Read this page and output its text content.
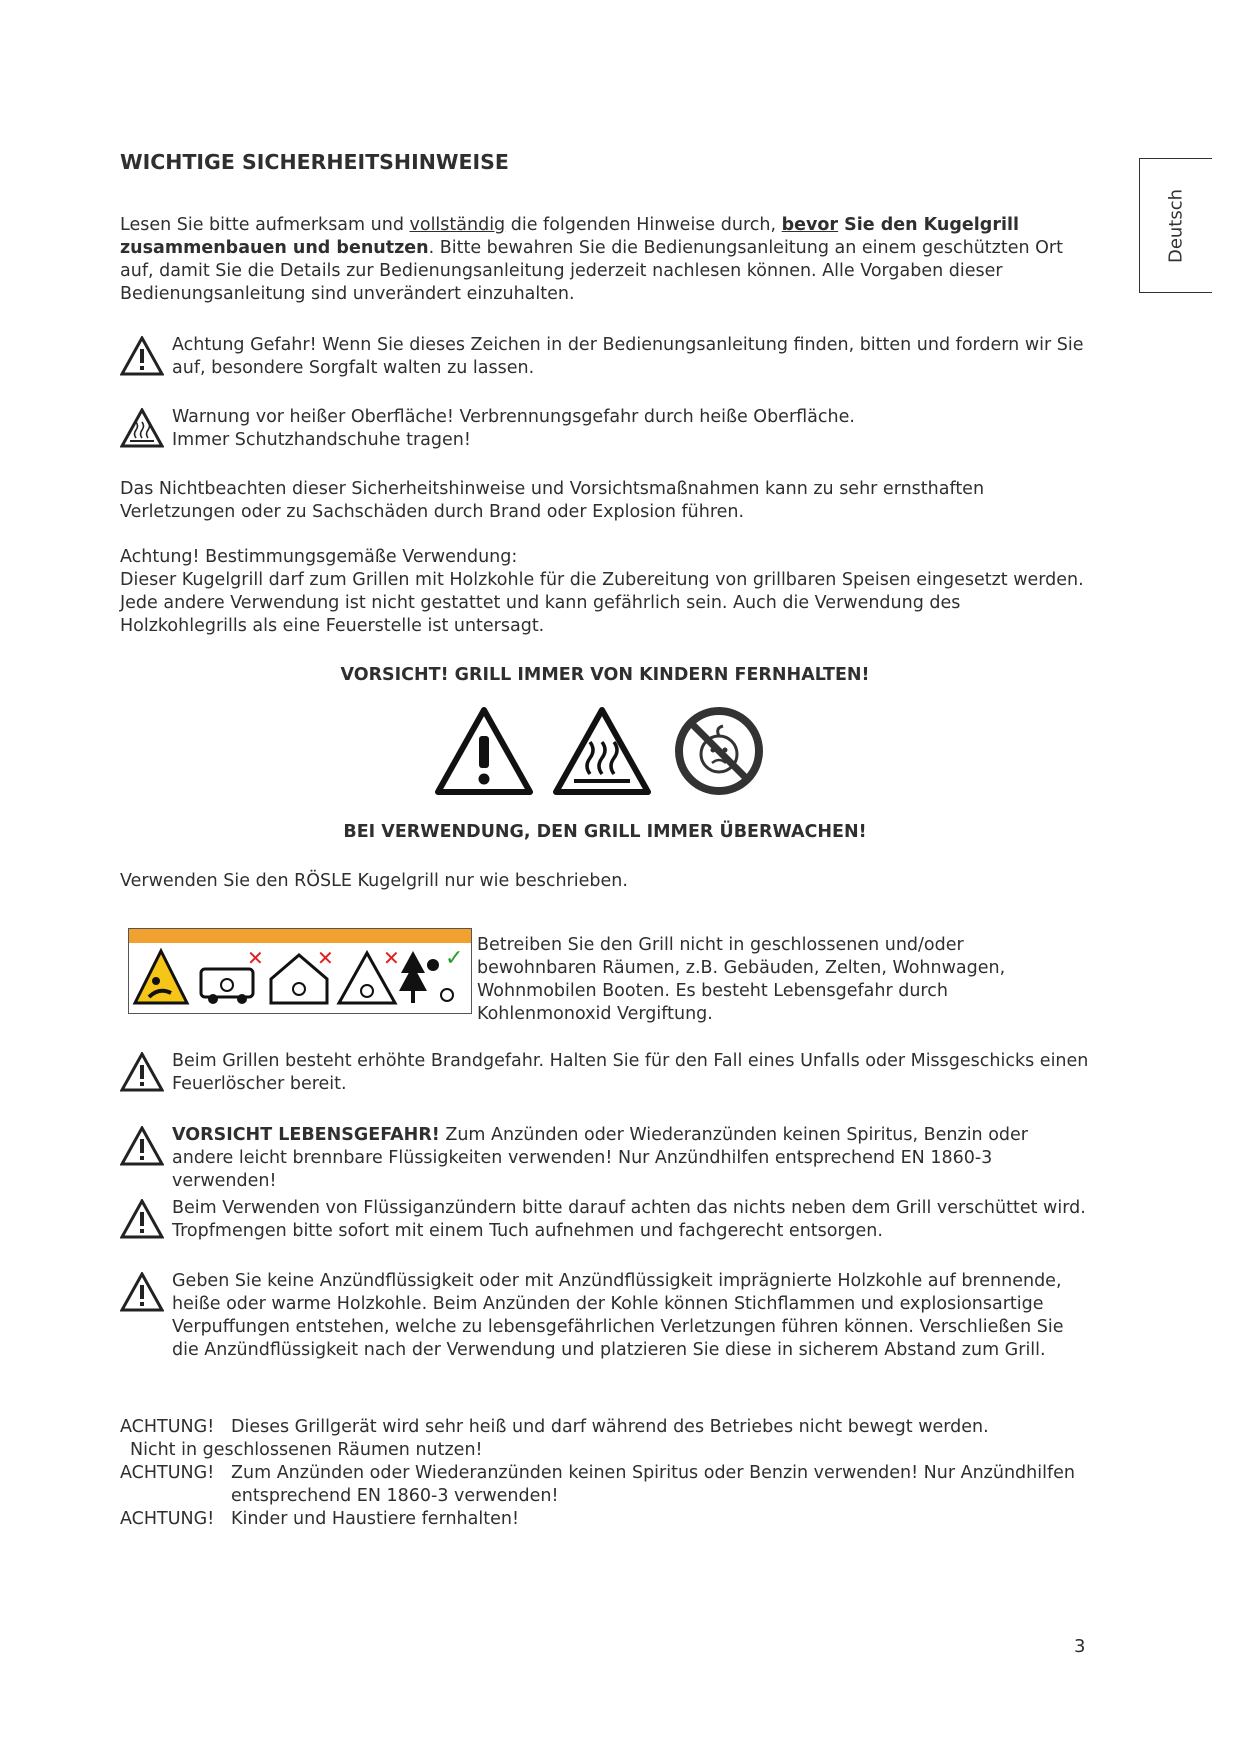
Deutsch
WICHTIGE SICHERHEITSHINWEISE
Lesen Sie bitte aufmerksam und vollständig die folgenden Hinweise durch, bevor Sie den Kugelgrill zusammenbauen und benutzen. Bitte bewahren Sie die Bedienungsanleitung an einem geschützten Ort auf, damit Sie die Details zur Bedienungsanleitung jederzeit nachlesen können. Alle Vorgaben dieser Bedienungsanleitung sind unverändert einzuhalten.
Achtung Gefahr! Wenn Sie dieses Zeichen in der Bedienungsanleitung finden, bitten und fordern wir Sie auf, besondere Sorgfalt walten zu lassen.
Warnung vor heißer Oberfläche! Verbrennungsgefahr durch heiße Oberfläche.
Immer Schutzhandschuhe tragen!
Das Nichtbeachten dieser Sicherheitshinweise und Vorsichtsmaßnahmen kann zu sehr ernsthaften Verletzungen oder zu Sachschäden durch Brand oder Explosion führen.
Achtung! Bestimmungsgemäße Verwendung:
Dieser Kugelgrill darf zum Grillen mit Holzkohle für die Zubereitung von grillbaren Speisen eingesetzt werden. Jede andere Verwendung ist nicht gestattet und kann gefährlich sein. Auch die Verwendung des Holzkohlegrills als eine Feuerstelle ist untersagt.
VORSICHT! GRILL IMMER VON KINDERN FERNHALTEN!
BEI VERWENDUNG, DEN GRILL IMMER ÜBERWACHEN!
Verwenden Sie den RÖSLE Kugelgrill nur wie beschrieben.
✕	✕ ✕ ✓
Betreiben Sie den Grill nicht in geschlossenen und/oder bewohnbaren Räumen, z.B. Gebäuden, Zelten, Wohnwagen, Wohnmobilen Booten. Es besteht Lebensgefahr durch Kohlenmonoxid Vergiftung.
Beim Grillen besteht erhöhte Brandgefahr. Halten Sie für den Fall eines Unfalls oder Missgeschicks einen Feuerlöscher bereit.
VORSICHT LEBENSGEFAHR! Zum Anzünden oder Wiederanzünden keinen Spiritus, Benzin oder andere leicht brennbare Flüssigkeiten verwenden! Nur Anzündhilfen entsprechend EN 1860-3 verwenden!
Beim Verwenden von Flüssiganzündern bitte darauf achten das nichts neben dem Grill verschüttet wird. Tropfmengen bitte sofort mit einem Tuch aufnehmen und fachgerecht entsorgen.
Geben Sie keine Anzündflüssigkeit oder mit Anzündflüssigkeit imprägnierte Holzkohle auf brennende, heiße oder warme Holzkohle. Beim Anzünden der Kohle können Stichflammen und explosionsartige Verpuffungen entstehen, welche zu lebensgefährlichen Verletzungen führen können. Verschließen Sie die Anzündflüssigkeit nach der Verwendung und platzieren Sie diese in sicherem Abstand zum Grill.
ACHTUNG! Dieses Grillgerät wird sehr heiß und darf während des Betriebes nicht bewegt werden.
Nicht in geschlossenen Räumen nutzen!
ACHTUNG! Zum Anzünden oder Wiederanzünden keinen Spiritus oder Benzin verwenden! Nur Anzündhilfen entsprechend EN 1860-3 verwenden!
ACHTUNG! Kinder und Haustiere fernhalten!
3
